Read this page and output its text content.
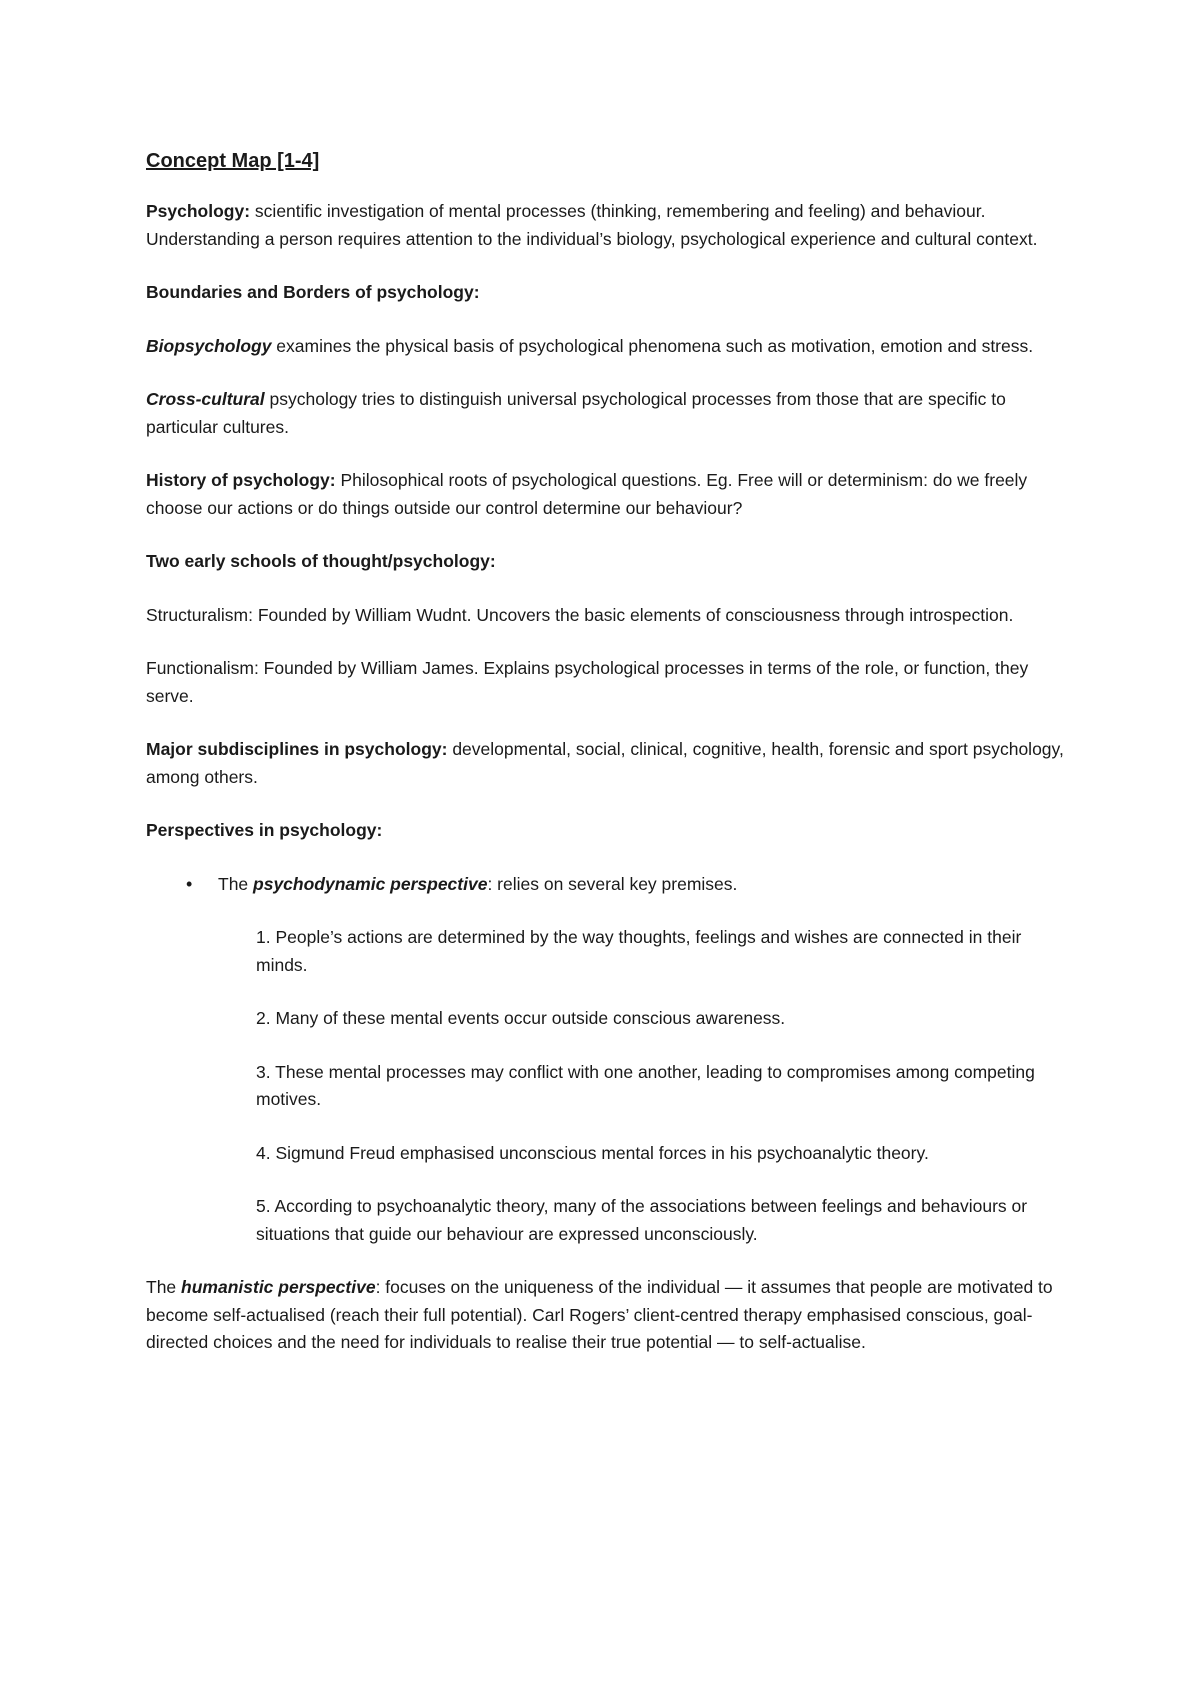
Concept Map [1-4]

Psychology: scientific investigation of mental processes (thinking, remembering and feeling) and behaviour. Understanding a person requires attention to the individual’s biology, psychological experience and cultural context.

Boundaries and Borders of psychology:

Biopsychology examines the physical basis of psychological phenomena such as motivation, emotion and stress.

Cross-cultural psychology tries to distinguish universal psychological processes from those that are specific to particular cultures.

History of psychology: Philosophical roots of psychological questions. Eg. Free will or determinism: do we freely choose our actions or do things outside our control determine our behaviour?

Two early schools of thought/psychology:

Structuralism: Founded by William Wudnt. Uncovers the basic elements of consciousness through introspection.

Functionalism: Founded by William James. Explains psychological processes in terms of the role, or function, they serve.

Major subdisciplines in psychology: developmental, social, clinical, cognitive, health, forensic and sport psychology, among others.

Perspectives in psychology:

• The psychodynamic perspective: relies on several key premises.

1. People’s actions are determined by the way thoughts, feelings and wishes are connected in their minds.

2. Many of these mental events occur outside conscious awareness.

3. These mental processes may conflict with one another, leading to compromises among competing motives.

4. Sigmund Freud emphasised unconscious mental forces in his psychoanalytic theory.

5. According to psychoanalytic theory, many of the associations between feelings and behaviours or situations that guide our behaviour are expressed unconsciously.

The humanistic perspective: focuses on the uniqueness of the individual — it assumes that people are motivated to become self-actualised (reach their full potential). Carl Rogers’ client-centred therapy emphasised conscious, goal-directed choices and the need for individuals to realise their true potential — to self-actualise.
